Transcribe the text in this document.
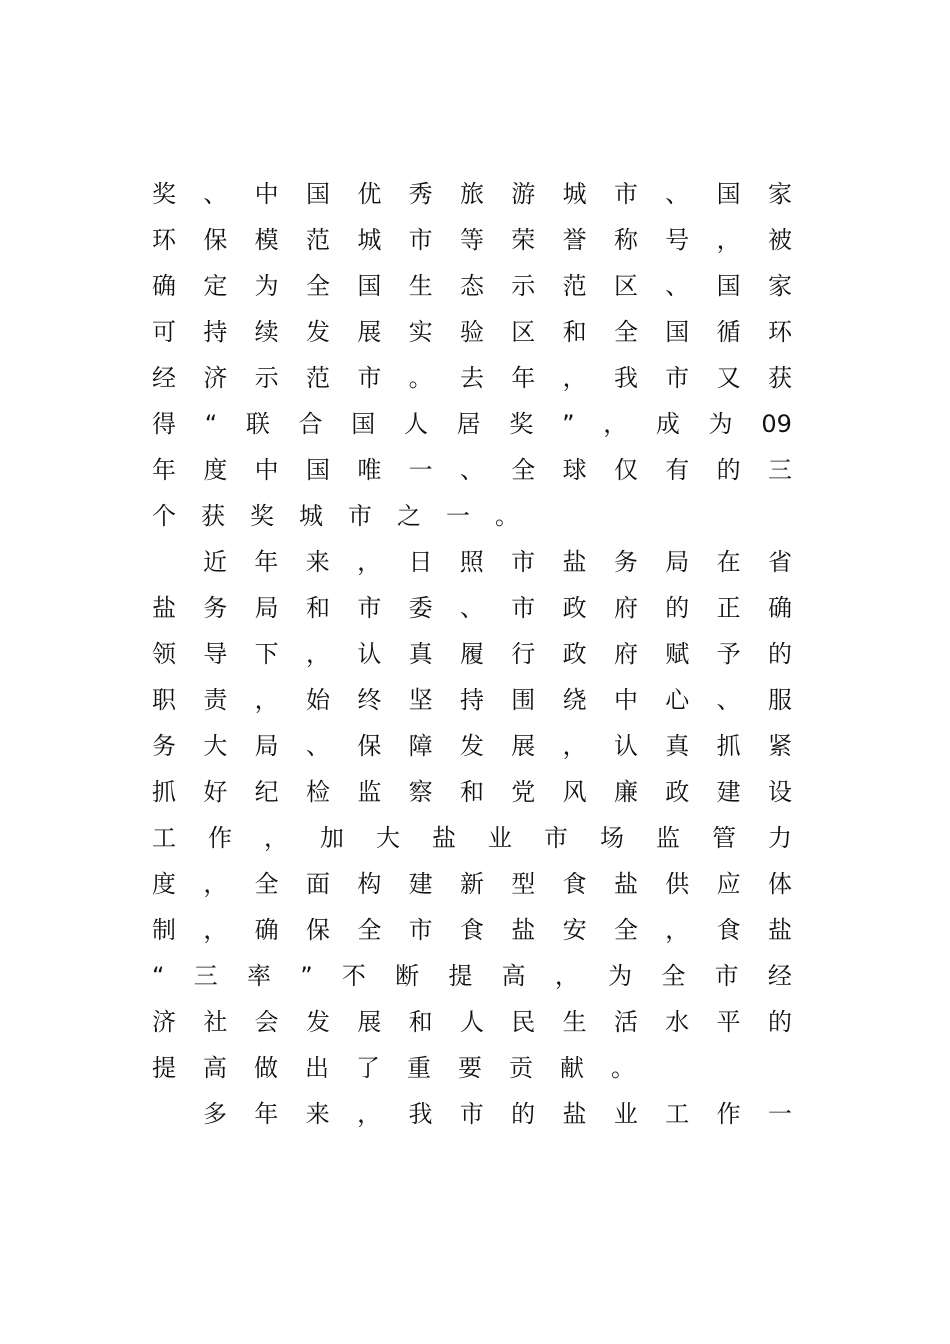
奖 、 中 国 优 秀 旅 游 城 市 、 国 家
环 保 模 范 城 市 等 荣 誉 称 号 ， 被
确 定 为 全 国 生 态 示 范 区 、 国 家
可 持 续 发 展 实 验 区 和 全 国 循 环
经 济 示 范 市 。 去 年 ， 我 市 又 获
得 “ 联 合 国 人 居 奖 ” ， 成 为 09
年 度 中 国 唯 一 、 全 球 仅 有 的 三
个 获 奖 城 市 之 一 。
近 年 来 ， 日 照 市 盐 务 局 在 省
盐 务 局 和 市 委 、 市 政 府 的 正 确
领 导 下 ， 认 真 履 行 政 府 赋 予 的
职 责 ， 始 终 坚 持 围 绕 中 心 、 服
务 大 局 、 保 障 发 展 ， 认 真 抓 紧
抓 好 纪 检 监 察 和 党 风 廉 政 建 设
工 作 ， 加 大 盐 业 市 场 监 管 力
度 ， 全 面 构 建 新 型 食 盐 供 应 体
制 ， 确 保 全 市 食 盐 安 全 ， 食 盐
“ 三 率 ” 不 断 提 高 ， 为 全 市 经
济 社 会 发 展 和 人 民 生 活 水 平 的
提 高 做 出 了 重 要 贡 献 。
多 年 来 ， 我 市 的 盐 业 工 作 一
